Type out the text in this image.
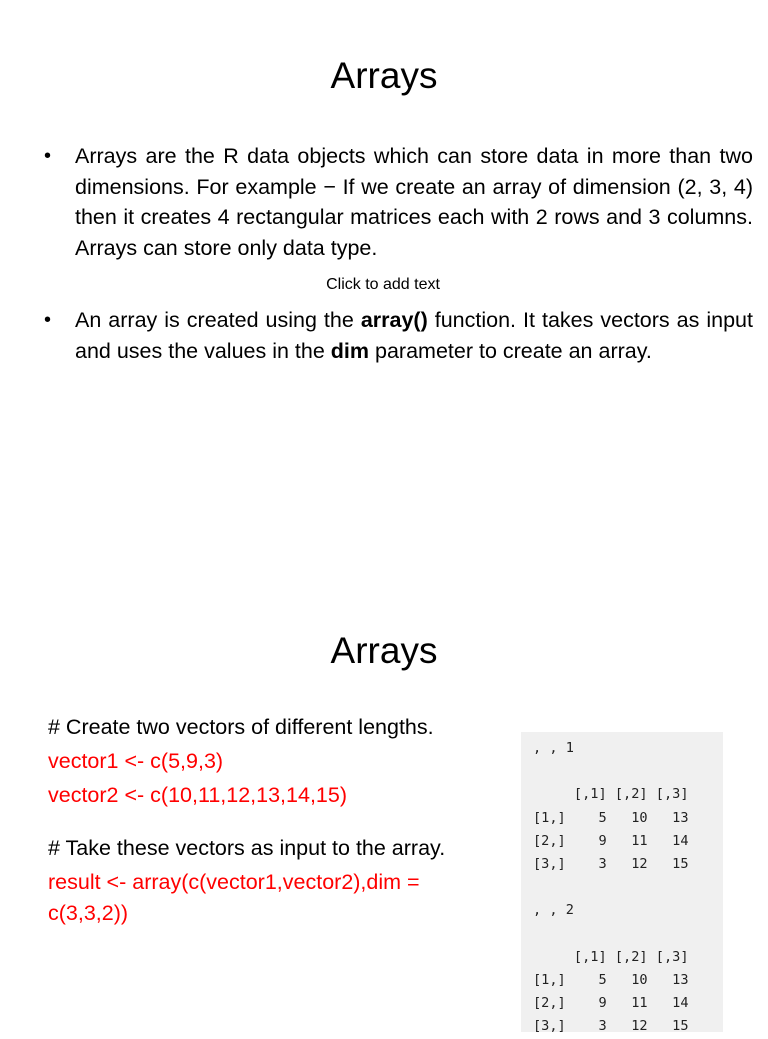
Arrays
• Arrays are the R data objects which can store data in more than two dimensions. For example − If we create an array of dimension (2, 3, 4) then it creates 4 rectangular matrices each with 2 rows and 3 columns. Arrays can store only data type.
Click to add text
• An array is created using the array() function. It takes vectors as input and uses the values in the dim parameter to create an array.
Arrays
# Create two vectors of different lengths.
vector1 <- c(5,9,3)
vector2 <- c(10,11,12,13,14,15)
# Take these vectors as input to the array.
result <- array(c(vector1,vector2),dim = c(3,3,2))
, , 1

[,1] [,2] [,3]
[1,]    5   10   13
[2,]    9   11   14
[3,]    3   12   15

, , 2

[,1] [,2] [,3]
[1,]    5   10   13
[2,]    9   11   14
[3,]    3   12   15
